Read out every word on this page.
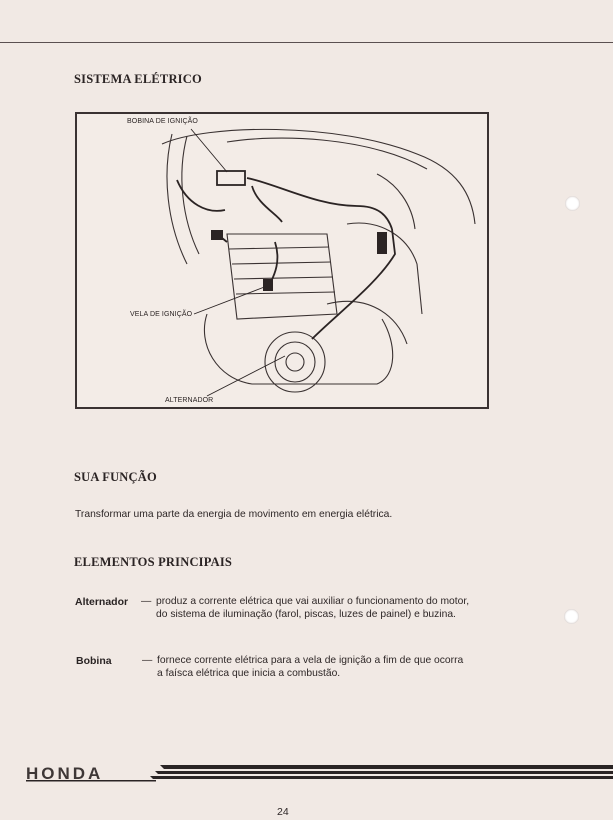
SISTEMA ELÉTRICO
BOBINA DE IGNIÇÃO
VELA DE IGNIÇÃO
ALTERNADOR
SUA FUNÇÃO

Transformar uma parte da energia de movimento em energia elétrica.

ELEMENTOS PRINCIPAIS
Alternador — produz a corrente elétrica que vai auxiliar o funcionamento do motor,
do sistema de iluminação (farol, piscas, luzes de painel) e buzina.
Bobina	— fornece corrente elétrica para a vela de ignição a fim de que ocorra
a faísca elétrica que inicia a combustão.
HONDA
24
